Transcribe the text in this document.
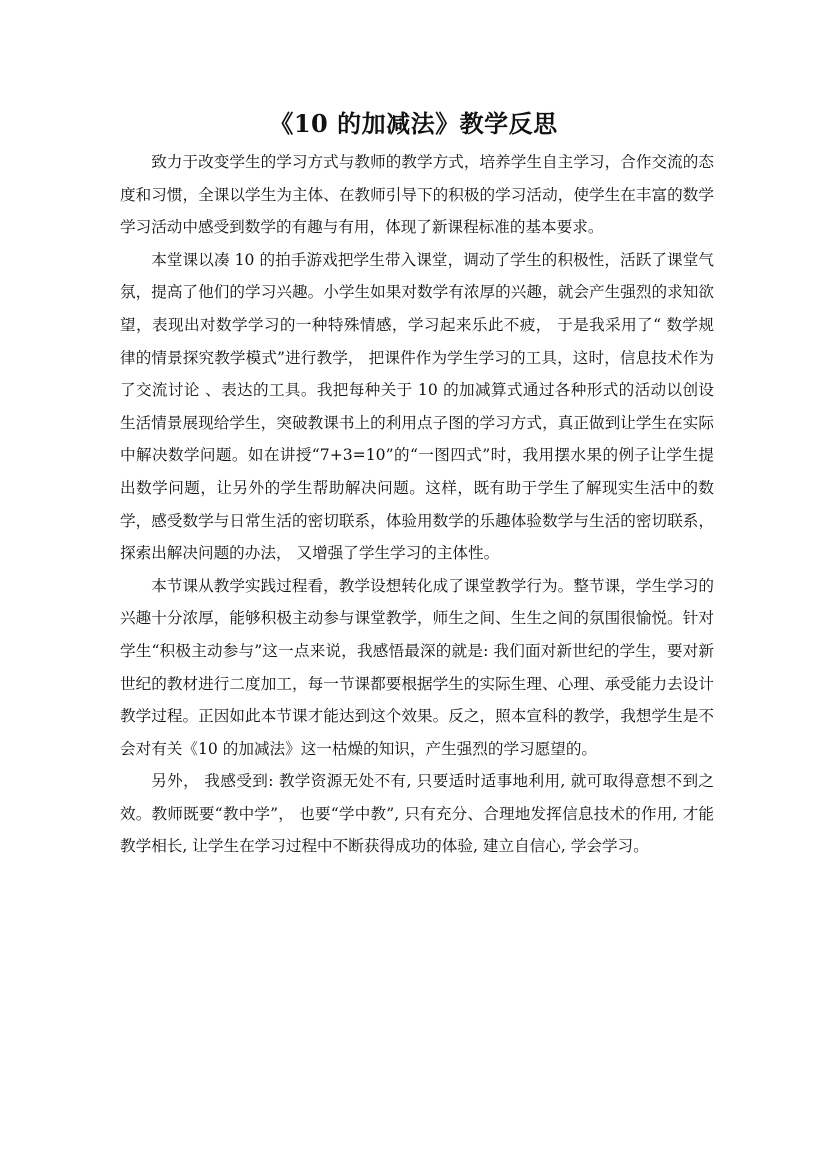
《10 的加减法》教学反思

致力于改变学生的学习方式与教师的教学方式，培养学生自主学习，合作交流的态度和习惯，全课以学生为主体、在教师引导下的积极的学习活动，使学生在丰富的数学学习活动中感受到数学的有趣与有用，体现了新课程标准的基本要求。

本堂课以凑 10 的拍手游戏把学生带入课堂，调动了学生的积极性，活跃了课堂气氛，提高了他们的学习兴趣。小学生如果对数学有浓厚的兴趣，就会产生强烈的求知欲望，表现出对数学学习的一种特殊情感，学习起来乐此不疲， 于是我采用了“ 数学规律的情景探究教学模式”进行教学， 把课件作为学生学习的工具，这时，信息技术作为了交流讨论 、表达的工具。我把每种关于 10 的加减算式通过各种形式的活动以创设生活情景展现给学生，突破教课书上的利用点子图的学习方式，真正做到让学生在实际中解决数学问题。如在讲授“7+3=10”的“一图四式”时，我用摆水果的例子让学生提出数学问题，让另外的学生帮助解决问题。这样，既有助于学生了解现实生活中的数学，感受数学与日常生活的密切联系，体验用数学的乐趣体验数学与生活的密切联系，探索出解决问题的办法， 又增强了学生学习的主体性。

本节课从教学实践过程看，教学设想转化成了课堂教学行为。整节课，学生学习的兴趣十分浓厚，能够积极主动参与课堂教学，师生之间、生生之间的氛围很愉悦。针对学生“积极主动参与”这一点来说，我感悟最深的就是: 我们面对新世纪的学生，要对新世纪的教材进行二度加工，每一节课都要根据学生的实际生理、心理、承受能力去设计教学过程。正因如此本节课才能达到这个效果。反之，照本宣科的教学，我想学生是不会对有关《10 的加减法》这一枯燥的知识，产生强烈的学习愿望的。

另外， 我感受到: 教学资源无处不有, 只要适时适事地利用, 就可取得意想不到之效。教师既要“教中学”， 也要“学中教”, 只有充分、合理地发挥信息技术的作用, 才能教学相长, 让学生在学习过程中不断获得成功的体验, 建立自信心, 学会学习。
